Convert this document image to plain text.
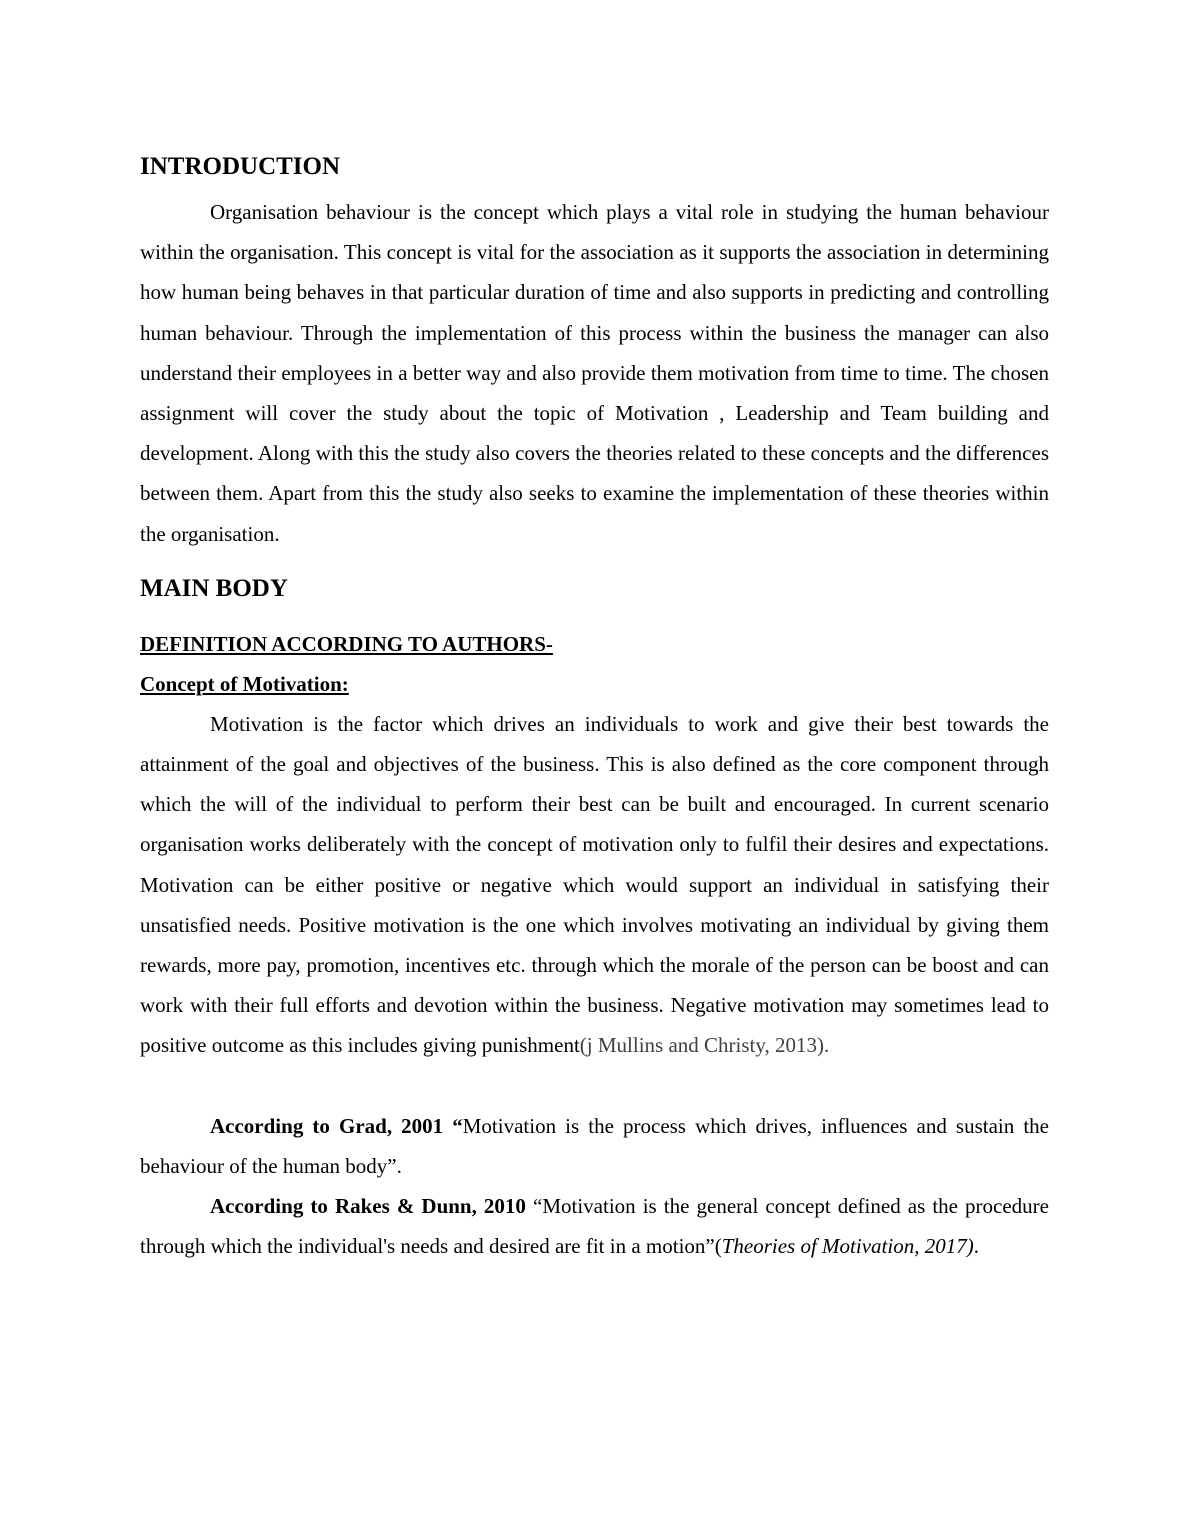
INTRODUCTION

Organisation behaviour is the concept which plays a vital role in studying the human behaviour within the organisation. This concept is vital for the association as it supports the association in determining how human being behaves in that particular duration of time and also supports in predicting and controlling human behaviour. Through the implementation of this process within the business the manager can also understand their employees in a better way and also provide them motivation from time to time. The chosen assignment will cover the study about the topic of Motivation , Leadership and Team building and development. Along with this the study also covers the theories related to these concepts and the differences between them. Apart from this the study also seeks to examine the implementation of these theories within the organisation.

MAIN BODY
DEFINITION ACCORDING TO AUTHORS-
Concept of Motivation:

Motivation is the factor which drives an individuals to work and give their best towards the attainment of the goal and objectives of the business. This is also defined as the core component through which the will of the individual to perform their best can be built and encouraged. In current scenario organisation works deliberately with the concept of motivation only to fulfil their desires and expectations. Motivation can be either positive or negative which would support an individual in satisfying their unsatisfied needs. Positive motivation is the one which involves motivating an individual by giving them rewards, more pay, promotion, incentives etc. through which the morale of the person can be boost and can work with their full efforts and devotion within the business. Negative motivation may sometimes lead to positive outcome as this includes giving punishment(j Mullins and Christy, 2013).

According to Grad, 2001 “Motivation is the process which drives, influences and sustain the behaviour of the human body”.

According to Rakes & Dunn, 2010 “Motivation is the general concept defined as the procedure through which the individual's needs and desired are fit in a motion”(Theories of Motivation, 2017).
